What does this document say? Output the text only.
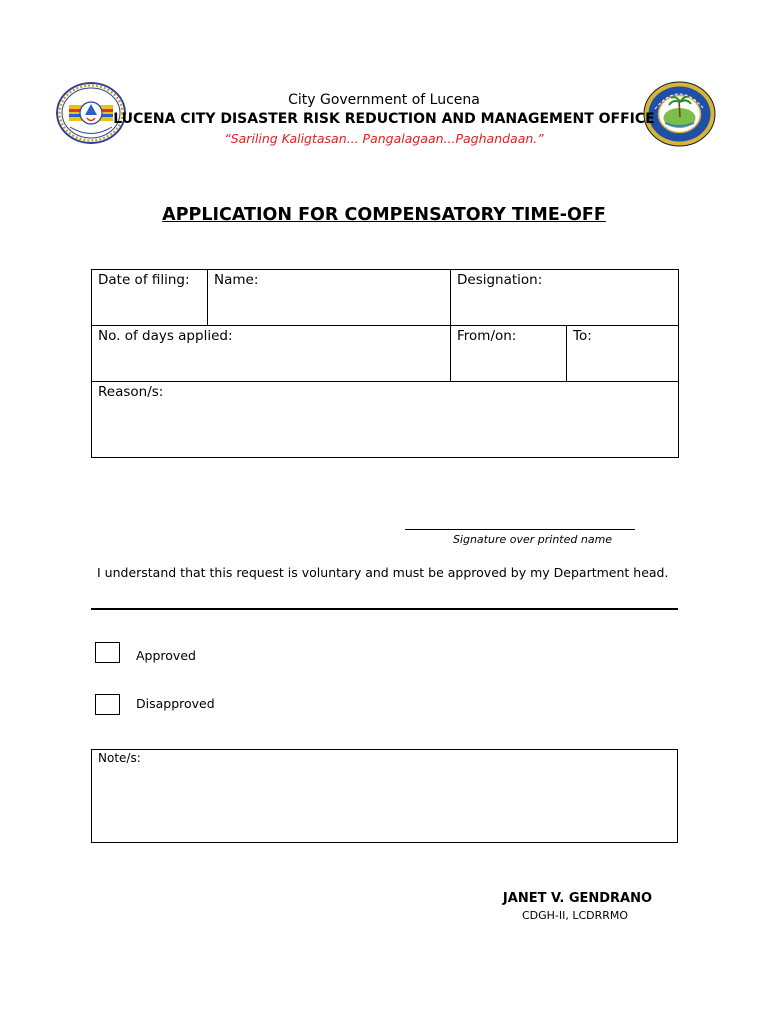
City Government of Lucena
LUCENA CITY DISASTER RISK REDUCTION AND MANAGEMENT OFFICE
“Sariling Kaligtasan... Pangalagaan...Paghandaan.”
APPLICATION FOR COMPENSATORY TIME-OFF
Date of filing:	Name:	Designation:
No. of days applied:	From/on:	To:
Reason/s:
Signature over printed name
I understand that this request is voluntary and must be approved by my Department head.
Approved
Disapproved
Note/s:
JANET V. GENDRANO
CDGH-II, LCDRRMO
